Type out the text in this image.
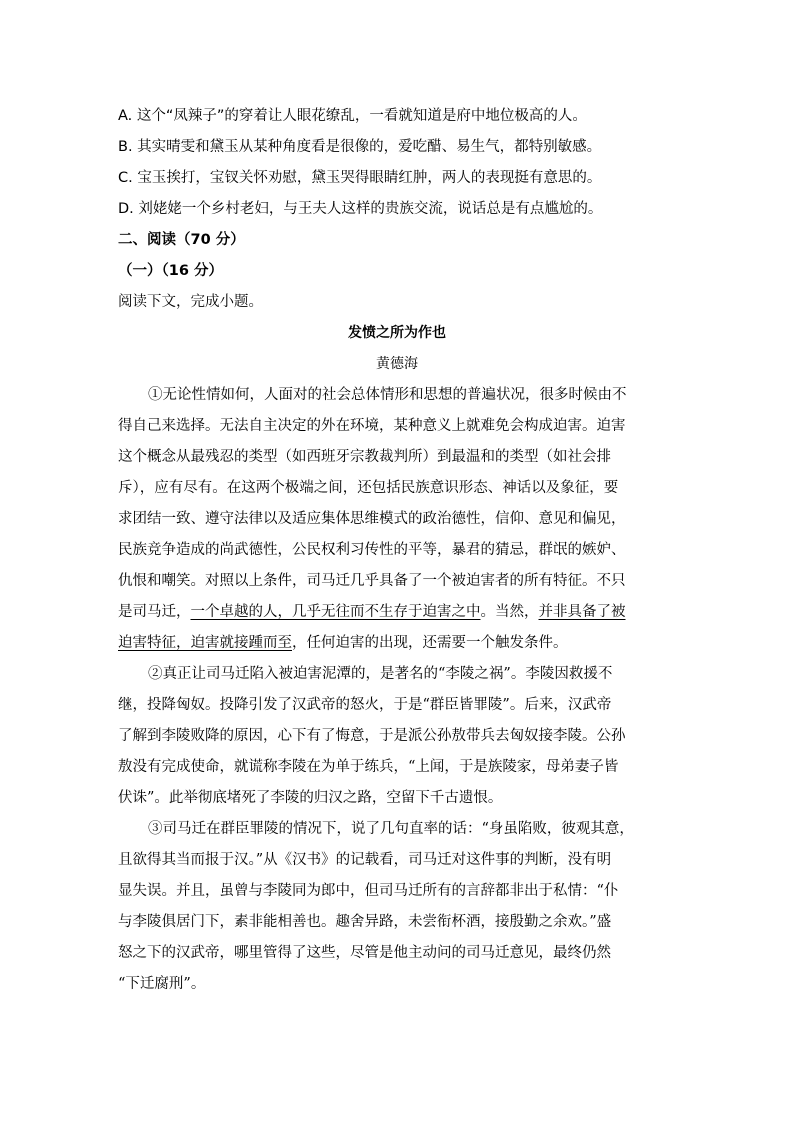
A. 这个“凤辣子”的穿着让人眼花缭乱，一看就知道是府中地位极高的人。
B. 其实晴雯和黛玉从某种角度看是很像的，爱吃醋、易生气，都特别敏感。
C. 宝玉挨打，宝钗关怀劝慰，黛玉哭得眼睛红肿，两人的表现挺有意思的。
D. 刘姥姥一个乡村老妇，与王夫人这样的贵族交流，说话总是有点尴尬的。
二、阅读（70 分）
（一）（16 分）
阅读下文，完成小题。
发愤之所为作也
黄德海
①无论性情如何，人面对的社会总体情形和思想的普遍状况，很多时候由不
得自己来选择。无法自主决定的外在环境，某种意义上就难免会构成迫害。迫害
这个概念从最残忍的类型（如西班牙宗教裁判所）到最温和的类型（如社会排
斥），应有尽有。在这两个极端之间，还包括民族意识形态、神话以及象征，要
求团结一致、遵守法律以及适应集体思维模式的政治德性，信仰、意见和偏见，
民族竞争造成的尚武德性，公民权利习传性的平等，暴君的猜忌，群氓的嫉妒、
仇恨和嘲笑。对照以上条件，司马迁几乎具备了一个被迫害者的所有特征。不只
是司马迁，一个卓越的人，几乎无往而不生存于迫害之中。当然，并非具备了被
迫害特征，迫害就接踵而至，任何迫害的出现，还需要一个触发条件。
②真正让司马迁陷入被迫害泥潭的，是著名的“李陵之祸”。李陵因救援不
继，投降匈奴。投降引发了汉武帝的怒火，于是“群臣皆罪陵”。后来，汉武帝
了解到李陵败降的原因，心下有了悔意，于是派公孙敖带兵去匈奴接李陵。公孙
敖没有完成使命，就谎称李陵在为单于练兵，“上闻，于是族陵家，母弟妻子皆
伏诛”。此举彻底堵死了李陵的归汉之路，空留下千古遗恨。
③司马迁在群臣罪陵的情况下，说了几句直率的话：“身虽陷败，彼观其意，
且欲得其当而报于汉。”从《汉书》的记载看，司马迁对这件事的判断，没有明
显失误。并且，虽曾与李陵同为郎中，但司马迁所有的言辞都非出于私情：“仆
与李陵俱居门下，素非能相善也。趣舍异路，未尝衔杯酒，接殷勤之余欢。”盛
怒之下的汉武帝，哪里管得了这些，尽管是他主动问的司马迁意见，最终仍然
“下迁腐刑”。
